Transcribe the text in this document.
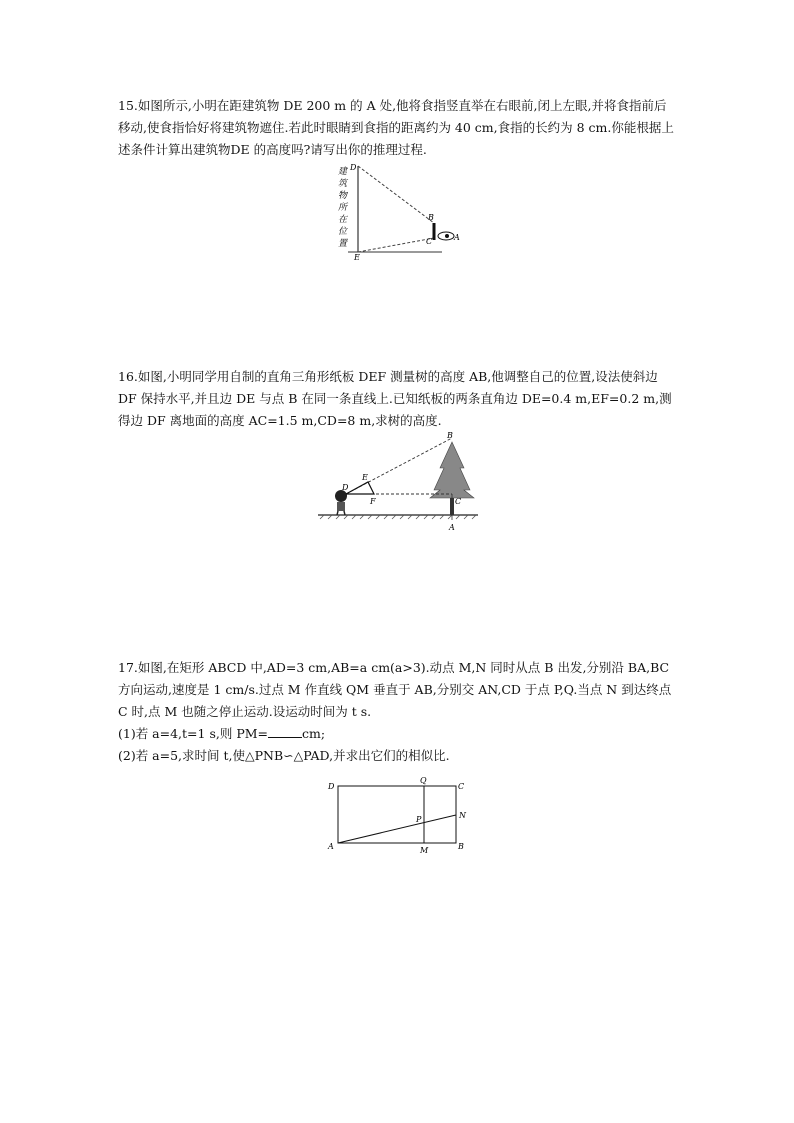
15.如图所示,小明在距建筑物 DE 200 m 的 A 处,他将食指竖直举在右眼前,闭上左眼,并将食指前后移动,使食指恰好将建筑物遮住.若此时眼睛到食指的距离约为 40 cm,食指的长约为 8 cm.你能根据上述条件计算出建筑物DE 的高度吗?请写出你的推理过程.

建
筑
物
所
在
位
置
D
E
B
C	A

16.如图,小明同学用自制的直角三角形纸板 DEF 测量树的高度 AB,他调整自己的位置,设法使斜边 DF 保持水平,并且边 DE 与点 B 在同一条直线上.已知纸板的两条直角边 DE=0.4 m,EF=0.2 m,测得边 DF 离地面的高度 AC=1.5 m,CD=8 m,求树的高度.

B
E
D
F	C
A

17.如图,在矩形 ABCD 中,AD=3 cm,AB=a cm(a>3).动点 M,N 同时从点 B 出发,分别沿 BA,BC 方向运动,速度是 1 cm/s.过点 M 作直线 QM 垂直于 AB,分别交 AN,CD 于点 P,Q.当点 N 到达终点 C 时,点 M 也随之停止运动.设运动时间为 t s.

(1)若 a=4,t=1 s,则 PM=	cm;

(2)若 a=5,求时间 t,使△PNB∽△PAD,并求出它们的相似比.

D
Q
C
P	N
A	M	B
